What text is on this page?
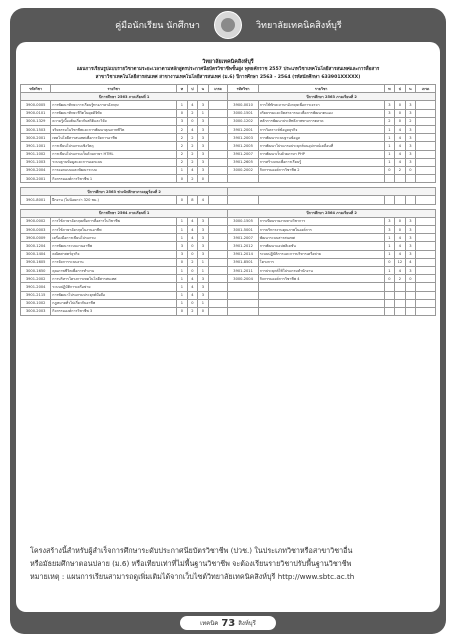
คู่มือนักเรียน นักศึกษา	วิทยาลัยเทคนิคสิงห์บุรี
วิทยาลัยเทคนิคสิงห์บุรี
แผนการเรียนรูปแบบรายวิชาตามระยะเวลาตามหลักสูตรประกาศนียบัตรวิชาชีพชั้นสูง พุทธศักราช 2557 ประเภทวิชาเทคโนโลยีสารสนเทศและการสื่อสาร
สาขาวิชาเทคโนโลยีสารสนเทศ สาขางานเทคโนโลยีสารสนเทศ (ม.6) ปีการศึกษา 2563 - 2564 (รหัสนักศึกษา 633901XXXXX)
รหัสวิชา	รายวิชา	ท	ป	น	เกรด	รหัสวิชา	รายวิชา	ท	ป	น	เกรด
ปีการศึกษา 2563 ภาคเรียนที่ 1						ปีการศึกษา 2563 ภาคเรียนที่ 2					
3900-0005	การพัฒนาทักษะการเรียนรู้ทางภาษาอังกฤษ	1	4	3		3900-0010	การใช้ทักษะภาษาอังกฤษเพื่อการเจรจา	3	0	3	
3900-0101	การพัฒนาทักษะชีวิตในยุคดิจิทัล	0	2	1		3000-1501	จริยธรรมและจิตสาธารณะเพื่อการพัฒนาตนเอง	3	0	3	
3000-1329	ความรู้เบื้องต้นเกี่ยวกับสถิติและวิจัย	3	0	3		3000-1202	หลักการพัฒนาประสิทธิภาพทางการตลาด	2	0	2	
3000-1503	จริยธรรมในวิชาชีพและการพัฒนาคุณภาพชีวิต	2	4	3		3901-2001	การวิเคราะห์ข้อมูลธุรกิจ	1	4	3	
3000-2001	เทคโนโลยีสารสนเทศเพื่อการจัดการอาชีพ	2	2	3		3901-2003	การพัฒนาระบบฐานข้อมูล	1	4	3	
3901-1001	การเขียนโปรแกรมเชิงวัตถุ	2	2	3		3901-2005	การพัฒนาโปรแกรมประยุกต์บนอุปกรณ์เคลื่อนที่	1	4	3	
3901-1002	การเขียนโปรแกรมเว็บด้วยภาษา HTML	2	2	3		3901-2007	การพัฒนาเว็บด้วยภาษา PHP	1	4	3	
3901-1003	ระบบฐานข้อมูลและการออกแบบ	2	2	3		3901-2605	การสร้างเกมเพื่อการเรียนรู้	1	4	3	
3900-2004	การออกแบบและพัฒนาระบบ	1	4	3		3000-2002	กิจกรรมองค์การวิชาชีพ 2	0	2	0	
3000-2001	กิจกรรมองค์การวิชาชีพ 1	0	2	0							

ปีการศึกษา 2563 ช่วงนักศึกษาภาคฤดูร้อนที่ 2											
3901-8001	ฝึกงาน (ไม่น้อยกว่า 320 ชม.)	0	8	4							

ปีการศึกษา 2564 ภาคเรียนที่ 1						ปีการศึกษา 2564 ภาคเรียนที่ 2					
3900-0002	การใช้ภาษาอังกฤษเพื่อการสื่อสารในวิชาชีพ	1	4	3		3000-1505	การเขียนรายงานทางวิชาการ	3	0	3	
3900-0003	การใช้ภาษาอังกฤษในงานอาชีพ	1	4	3		3001-5001	การบริหารงานคุณภาพในองค์การ	3	0	3	
3900-0009	เครื่องมือการเขียนโปรแกรม	1	4	3		3901-2007	พัฒนาระบบสารสนเทศ	1	4	3	
3000-1204	การพัฒนาระบบงานอาชีพ	3	0	3		3901-2012	การพัฒนาแอปพลิเคชัน	1	4	3	
3000-1404	คณิตศาสตร์ธุรกิจ	3	0	3		3901-2014	ระบบปฏิบัติการและการบริหารเครือข่าย	1	4	3	
3900-1605	การจัดการระบบงาน	0	2	1		3901-8501	โครงการ	0	12	4	
3000-1650	คุณภาพชีวิตเพื่อการทำงาน	1	0	1		3901-2011	การประยุกต์ใช้โปรแกรมสำนักงาน	1	4	3	
3901-2002	การบริหารโครงการเทคโนโลยีสารสนเทศ	1	4	3		3000-2004	กิจกรรมองค์การวิชาชีพ 4	0	2	0	
3901-2004	ระบบปฏิบัติการเครือข่าย	1	4	3							
3901-2115	การพัฒนาโปรแกรมประยุกต์มือถือ	1	4	3							
3000-1002	กฎหมายทั่วไปเกี่ยวกับอาชีพ	1	0	1							
3000-2003	กิจกรรมองค์การวิชาชีพ 3	0	2	0							
โครงสร้างนี้สำหรับผู้สำเร็จการศึกษาระดับประกาศนียบัตรวิชาชีพ (ปวช.) ในประเภทวิชาหรือสาขาวิชาอื่น
หรือมัธยมศึกษาตอนปลาย (ม.6) หรือเทียบเท่าที่ไม่พื้นฐานวิชาชีพ จะต้องเรียนรายวิชาปรับพื้นฐานวิชาชีพ
หมายเหตุ : แผนการเรียนสามารถดูเพิ่มเติมได้จากเว็บไซต์วิทยาลัยเทคนิคสิงห์บุรี http://www.sbtc.ac.th
เทคนิค 73 สิงห์บุรี
